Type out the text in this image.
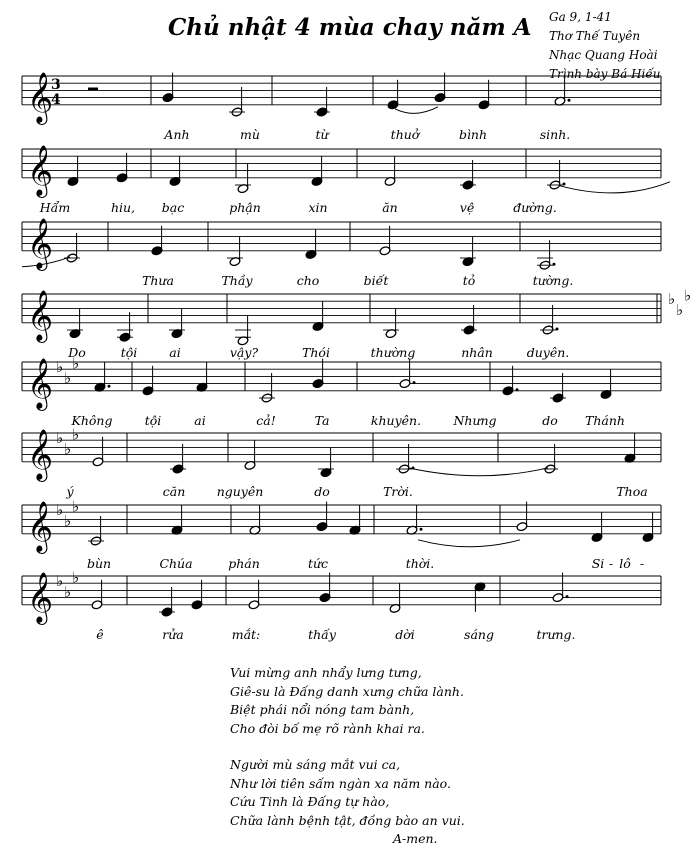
Chủ nhật 4 mùa chay năm A Ga 9, 1-41
Thơ Thế Tuyên
Nhạc Quang Hoài
Trình bày Bá Hiếu
𝄞
3
4
Anh	mù	từ	thuở	bình	sinh.
𝄞
Hẩm	hiu, bạc	phận	xin	ăn	vệ	đường.
𝄞
Thưa	Thầy	cho	biết	tỏ	tường.
𝄞	♭
♭
♭
Do	tội	ai	vậy?	Thói	thường	nhân	duyên.
𝄞 ♭
♭
♭
Không	tội	ai	cả!	Ta	khuyên.	Nhưng	do Thánh
𝄞 ♭
♭
♭
ý	căn	nguyên	do	Trời.	Thoa
𝄞 ♭
♭
♭
bùn	Chúa	phán	tức	thời.	Si - lô -
𝄞 ♭
♭
♭
ê	rửa	mắt:	thấy	dời	sáng	trưng.
Vui mừng anh nhẩy lưng tưng,
Giê-su là Đấng danh xưng chữa lành.
Biệt phái nổi nóng tam bành,
Cho đòi bố mẹ rõ rành khai ra.
Người mù sáng mắt vui ca,
Như lời tiên sấm ngàn xa năm nào.
Cứu Tinh là Đấng tự hào,
Chữa lành bệnh tật, đồng bào an vui.
A-men.
